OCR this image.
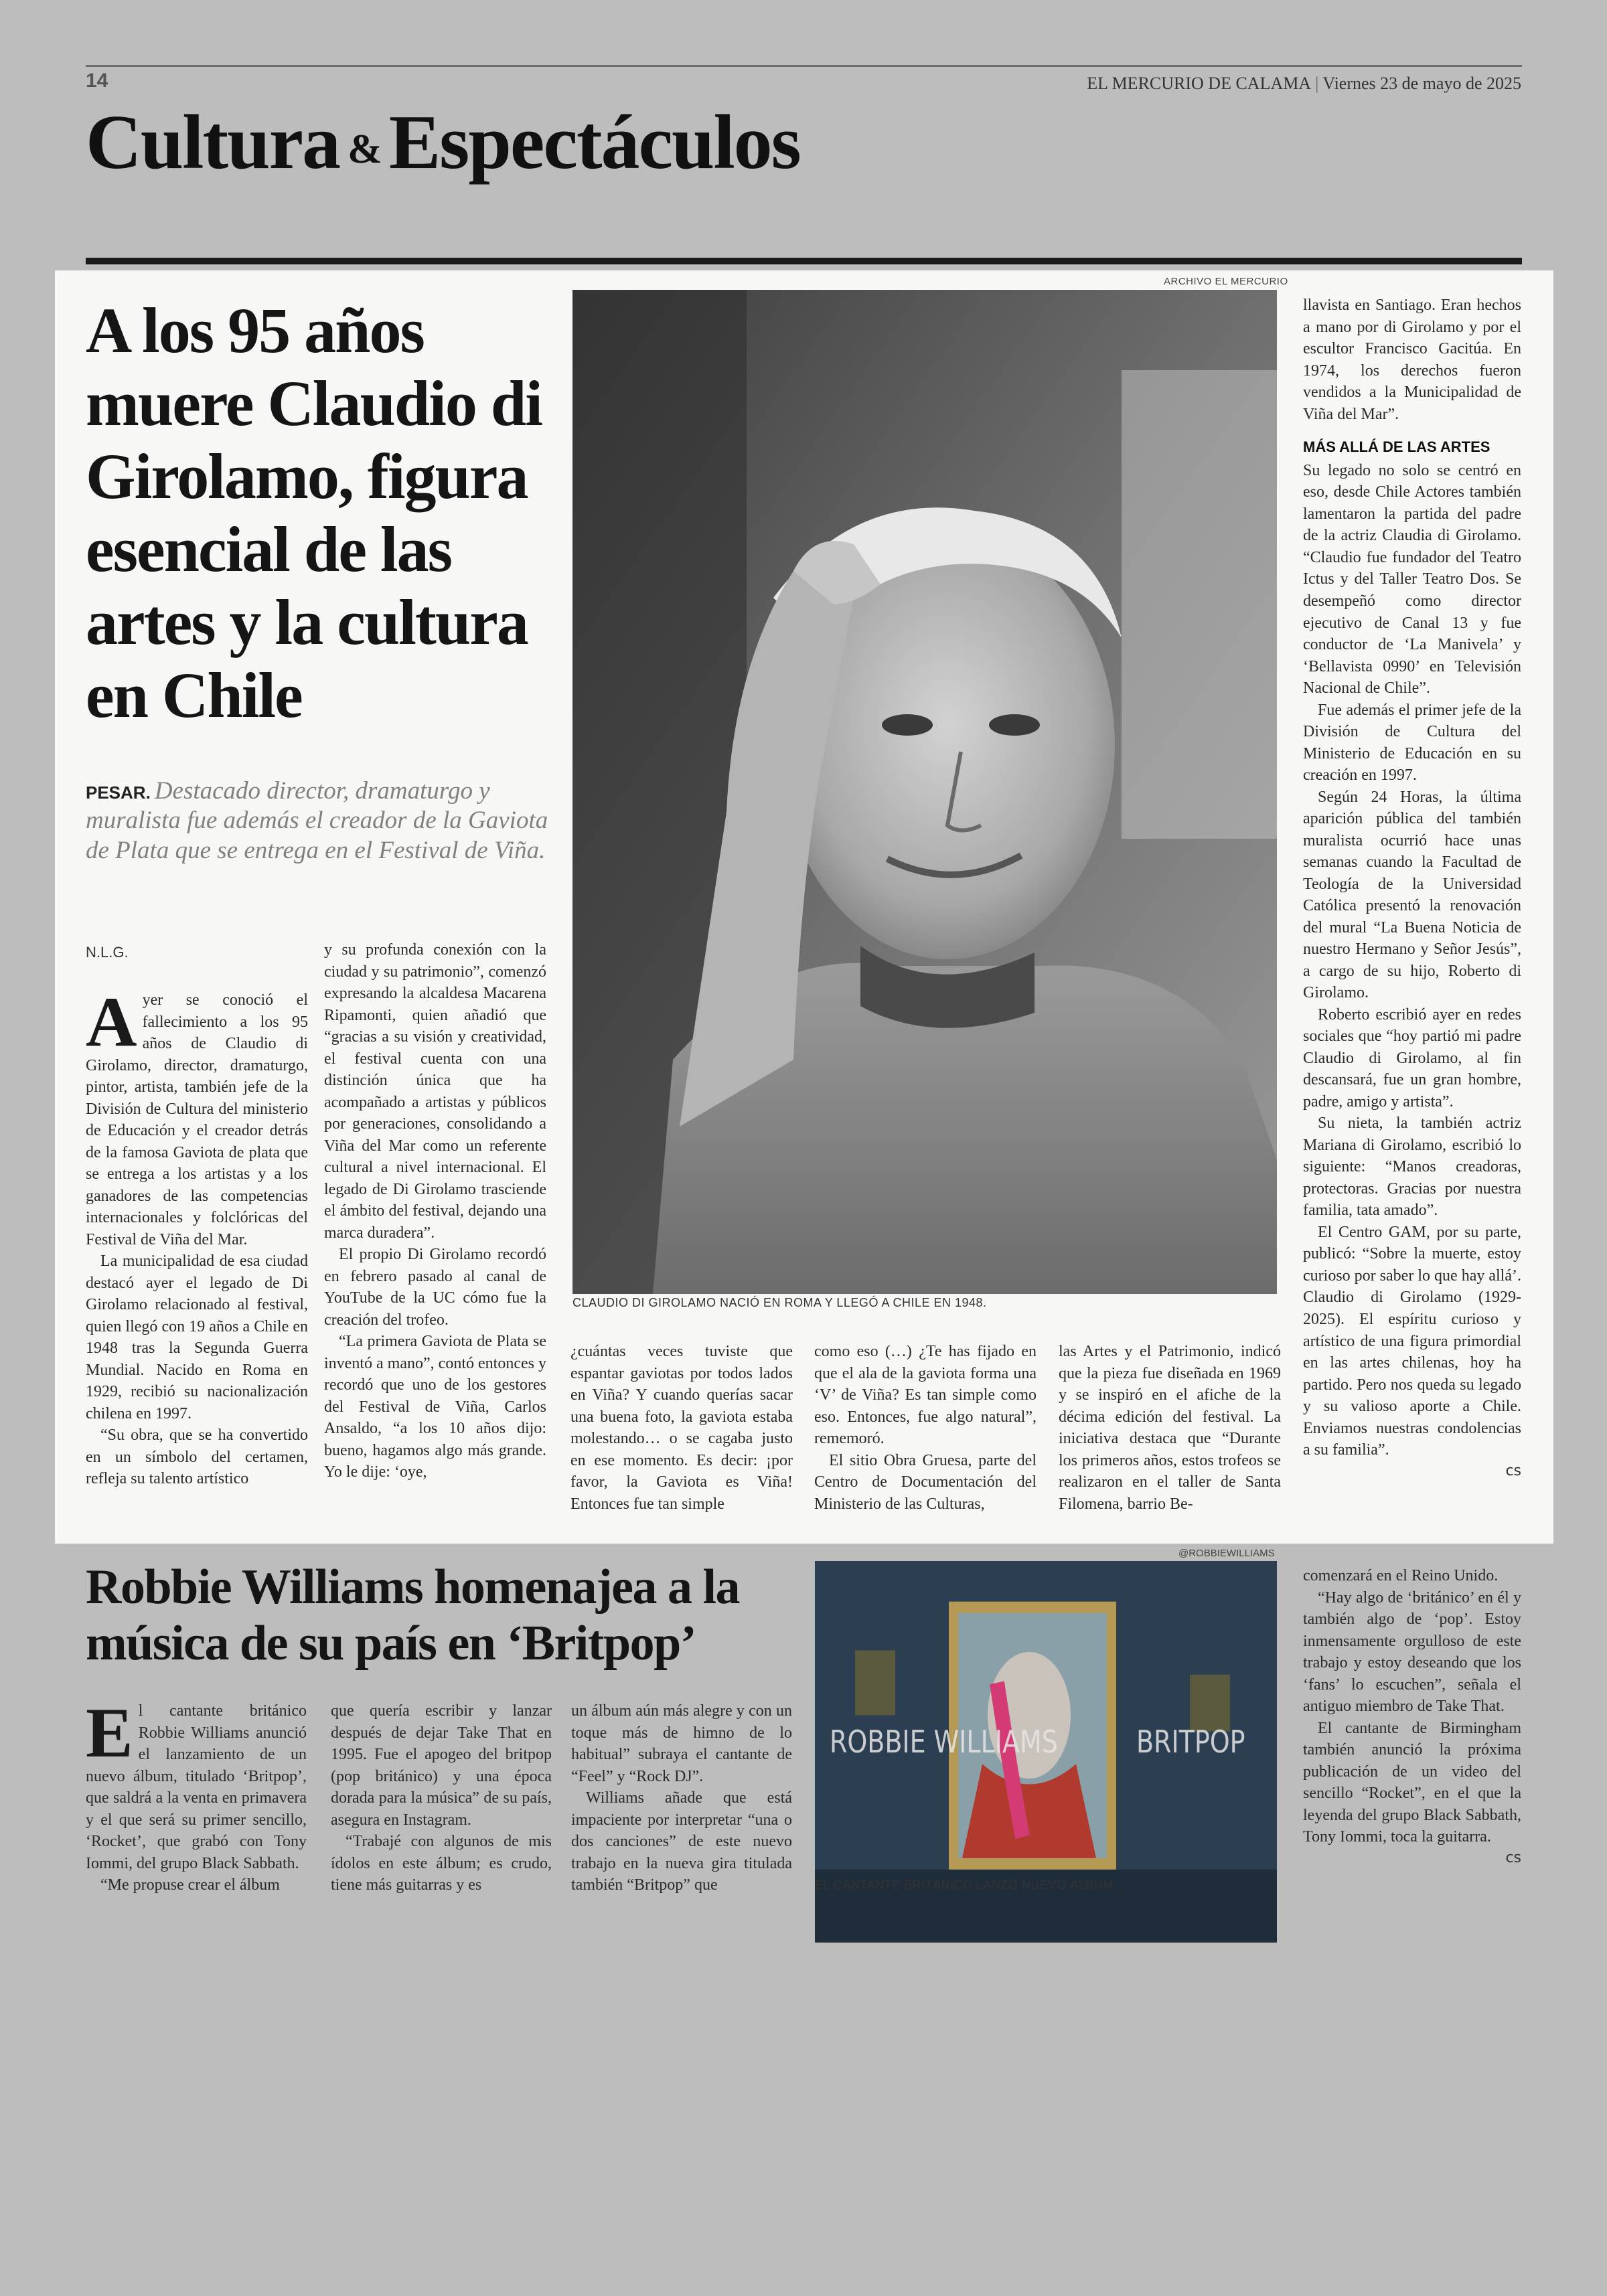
14	EL MERCURIO DE CALAMA | Viernes 23 de mayo de 2025
Cultura & Espectáculos
A los 95 años muere Claudio di Girolamo, figura esencial de las artes y la cultura en Chile
PESAR. Destacado director, dramaturgo y muralista fue además el creador de la Gaviota de Plata que se entrega en el Festival de Viña.
N.L.G.
A yer se conoció el fallecimiento a los 95 años de Claudio di Girolamo, director, dramaturgo, pintor, artista, también jefe de la División de Cultura del ministerio de Educación y el creador detrás de la famosa Gaviota de plata que se entrega a los artistas y a los ganadores de las competencias internacionales y folclóricas del Festival de Viña del Mar.

La municipalidad de esa ciudad destacó ayer el legado de Di Girolamo relacionado al festival, quien llegó con 19 años a Chile en 1948 tras la Segunda Guerra Mundial. Nacido en Roma en 1929, recibió su nacionalización chilena en 1997.

“Su obra, que se ha convertido en un símbolo del certamen, refleja su talento artístico

y su profunda conexión con la ciudad y su patrimonio”, comenzó expresando la alcaldesa Macarena Ripamonti, quien añadió que “gracias a su visión y creatividad, el festival cuenta con una distinción única que ha acompañado a artistas y públicos por generaciones, consolidando a Viña del Mar como un referente cultural a nivel internacional. El legado de Di Girolamo trasciende el ámbito del festival, dejando una marca duradera”.

El propio Di Girolamo recordó en febrero pasado al canal de YouTube de la UC cómo fue la creación del trofeo.

“La primera Gaviota de Plata se inventó a mano”, contó entonces y recordó que uno de los gestores del Festival de Viña, Carlos Ansaldo, “a los 10 años dijo: bueno, hagamos algo más grande. Yo le dije: ‘oye,

¿cuántas veces tuviste que espantar gaviotas por todos lados en Viña? Y cuando querías sacar una buena foto, la gaviota estaba molestando… o se cagaba justo en ese momento. Es decir: ¡por favor, la Gaviota es Viña! Entonces fue tan simple

como eso (…) ¿Te has fijado en que el ala de la gaviota forma una ‘V’ de Viña? Es tan simple como eso. Entonces, fue algo natural”, rememoró.

El sitio Obra Gruesa, parte del Centro de Documentación del Ministerio de las Culturas,

las Artes y el Patrimonio, indicó que la pieza fue diseñada en 1969 y se inspiró en el afiche de la décima edición del festival. La iniciativa destaca que “Durante los primeros años, estos trofeos se realizaron en el taller de Santa Filomena, barrio Be-

ARCHIVO EL MERCURIO
CLAUDIO DI GIROLAMO NACIÓ EN ROMA Y LLEGÓ A CHILE EN 1948.

llavista en Santiago. Eran hechos a mano por di Girolamo y por el escultor Francisco Gacitúa. En 1974, los derechos fueron vendidos a la Municipalidad de Viña del Mar”.

MÁS ALLÁ DE LAS ARTES

Su legado no solo se centró en eso, desde Chile Actores también lamentaron la partida del padre de la actriz Claudia di Girolamo. “Claudio fue fundador del Teatro Ictus y del Taller Teatro Dos. Se desempeñó como director ejecutivo de Canal 13 y fue conductor de ‘La Manivela’ y ‘Bellavista 0990’ en Televisión Nacional de Chile”.

Fue además el primer jefe de la División de Cultura del Ministerio de Educación en su creación en 1997.

Según 24 Horas, la última aparición pública del también muralista ocurrió hace unas semanas cuando la Facultad de Teología de la Universidad Católica presentó la renovación del mural “La Buena Noticia de nuestro Hermano y Señor Jesús”, a cargo de su hijo, Roberto di Girolamo.

Roberto escribió ayer en redes sociales que “hoy partió mi padre Claudio di Girolamo, al fin descansará, fue un gran hombre, padre, amigo y artista”.

Su nieta, la también actriz Mariana di Girolamo, escribió lo siguiente: “Manos creadoras, protectoras. Gracias por nuestra familia, tata amado”.

El Centro GAM, por su parte, publicó: “Sobre la muerte, estoy curioso por saber lo que hay allá’. Claudio di Girolamo (1929-2025). El espíritu curioso y artístico de una figura primordial en las artes chilenas, hoy ha partido. Pero nos queda su legado y su valioso aporte a Chile. Enviamos nuestras condolencias a su familia”.

cs
Robbie Williams homenajea a la música de su país en ‘Britpop’
E l cantante británico Robbie Williams anunció el lanzamiento de un nuevo álbum, titulado ‘Britpop’, que saldrá a la venta en primavera y el que será su primer sencillo, ‘Rocket’, que grabó con Tony Iommi, del grupo Black Sabbath.

“Me propuse crear el álbum

que quería escribir y lanzar después de dejar Take That en 1995. Fue el apogeo del britpop (pop británico) y una época dorada para la música” de su país, asegura en Instagram.

“Trabajé con algunos de mis ídolos en este álbum; es crudo, tiene más guitarras y es

un álbum aún más alegre y con un toque más de himno de lo habitual” subraya el cantante de “Feel” y “Rock DJ”.

Williams añade que está impaciente por interpretar “una o dos canciones” de este nuevo trabajo en la nueva gira titulada también “Britpop” que

@ROBBIEWILLIAMS
ROBBIE WILLIAMS	BRITPOP
EL CANTANTE BRITÁNICO LANZÓ NUEVO ÁLBUM.

comenzará en el Reino Unido.

“Hay algo de ‘británico’ en él y también algo de ‘pop’. Estoy inmensamente orgulloso de este trabajo y estoy deseando que los ‘fans’ lo escuchen”, señala el antiguo miembro de Take That.

El cantante de Birmingham también anunció la próxima publicación de un video del sencillo “Rocket”, en el que la leyenda del grupo Black Sabbath, Tony Iommi, toca la guitarra.

cs
